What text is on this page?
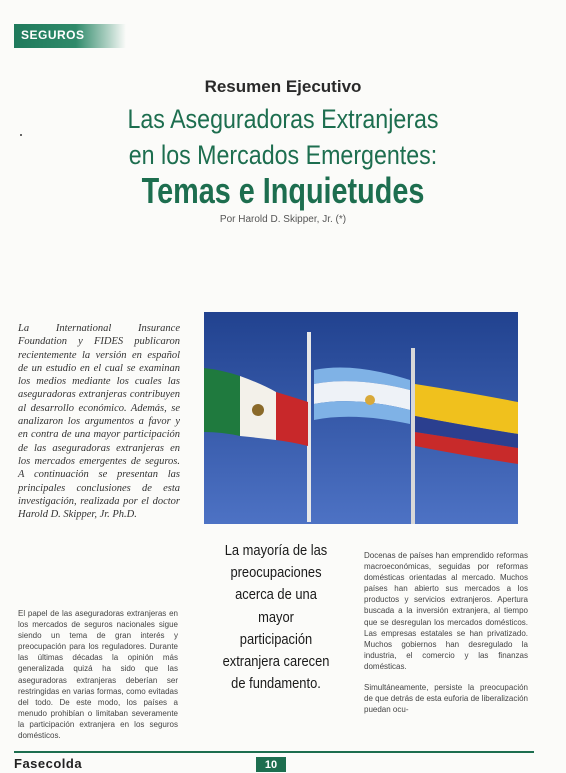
SEGUROS
Resumen Ejecutivo
Las Aseguradoras Extranjeras
en los Mercados Emergentes:
Temas e Inquietudes
Por Harold D. Skipper, Jr. (*)
La International Insurance Foundation y FIDES publicaron recientemente la versión en español de un estudio en el cual se examinan los medios mediante los cuales las aseguradoras extranjeras contribuyen al desarrollo económico. Además, se analizaron los argumentos a favor y en contra de una mayor participación de las aseguradoras extranjeras en los mercados emergentes de seguros. A continuación se presentan las principales conclusiones de esta investigación, realizada por el doctor Harold D. Skipper, Jr. Ph.D.
El papel de las aseguradoras extranjeras en los mercados de seguros nacionales sigue siendo un tema de gran interés y preocupación para los reguladores. Durante las últimas décadas la opinión más generalizada quizá ha sido que las aseguradoras extranjeras deberían ser restringidas en varias formas, como evitadas del todo. De este modo, los países a menudo prohibían o limitaban severamente la participación extranjera en los seguros domésticos.
La mayoría de las preocupaciones acerca de una mayor participación extranjera carecen de fundamento.

Docenas de países han emprendido reformas macroeconómicas, seguidas por reformas domésticas orientadas al mercado. Muchos países han abierto sus mercados a los productos y servicios extranjeros. Apertura buscada a la inversión extranjera, al tiempo que se desregulan los mercados domésticos. Las empresas estatales se han privatizado. Muchos gobiernos han desregulado la industria, el comercio y las finanzas domésticas.

Simultáneamente, persiste la preocupación de que detrás de esta euforia de liberalización puedan ocu-

Fasecolda	10
